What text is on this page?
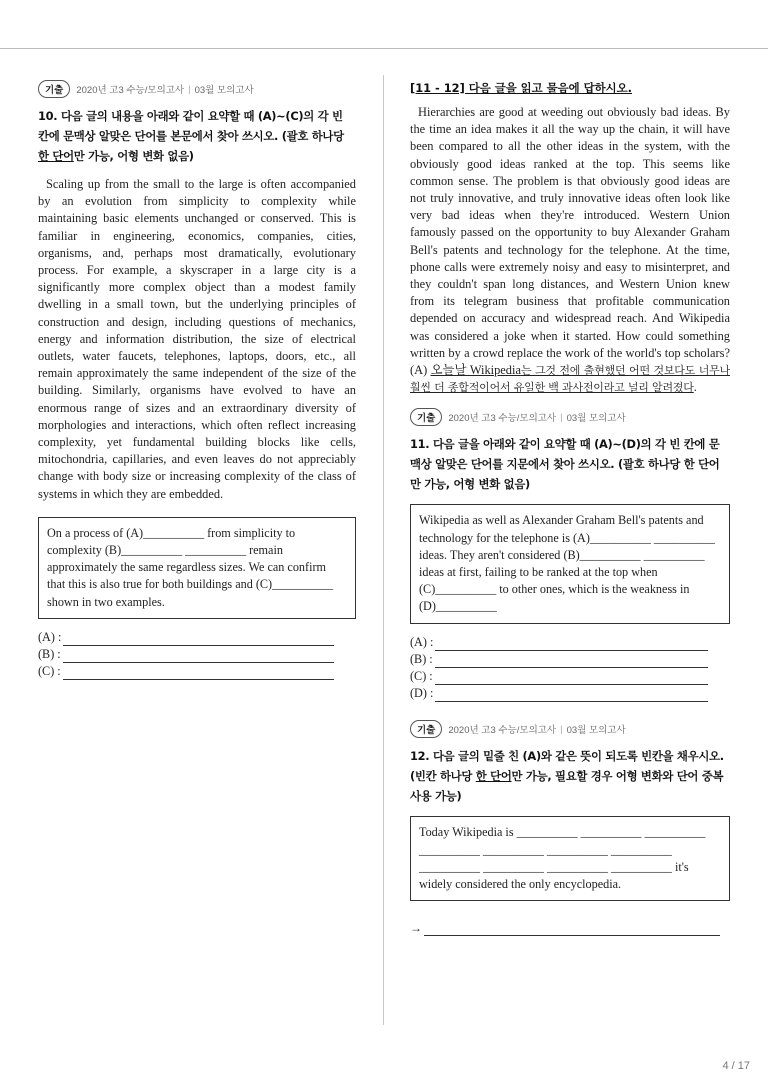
기출	2020년 고3 수능/모의고사 | 03월 모의고사

10. 다음 글의 내용을 아래와 같이 요약할 때 (A)~(C)의 각 빈 칸에 문맥상 알맞은 단어를 본문에서 찾아 쓰시오. (괄호 하나당 한 단어만 가능, 어형 변화 없음)

Scaling up from the small to the large is often accompanied by an evolution from simplicity to complexity while maintaining basic elements unchanged or conserved. This is familiar in engineering, economics, companies, cities, organisms, and, perhaps most dramatically, evolutionary process. For example, a skyscraper in a large city is a significantly more complex object than a modest family dwelling in a small town, but the underlying principles of construction and design, including questions of mechanics, energy and information distribution, the size of electrical outlets, water faucets, telephones, laptops, doors, etc., all remain approximately the same independent of the size of the building. Similarly, organisms have evolved to have an enormous range of sizes and an extraordinary diversity of morphologies and interactions, which often reflect increasing complexity, yet fundamental building blocks like cells, mitochondria, capillaries, and even leaves do not appreciably change with body size or increasing complexity of the class of systems in which they are embedded.

On a process of (A)__________ from simplicity to complexity (B)__________ __________ remain approximately the same regardless sizes. We can confirm that this is also true for both buildings and (C)__________ shown in two examples.
(A) :
(B) :
(C) :

[11 - 12] 다음 글을 읽고 물음에 답하시오.

Hierarchies are good at weeding out obviously bad ideas. By the time an idea makes it all the way up the chain, it will have been compared to all the other ideas in the system, with the obviously good ideas ranked at the top. This seems like common sense. The problem is that obviously good ideas are not truly innovative, and truly innovative ideas often look like very bad ideas when they're introduced. Western Union famously passed on the opportunity to buy Alexander Graham Bell's patents and technology for the telephone. At the time, phone calls were extremely noisy and easy to misinterpret, and they couldn't span long distances, and Western Union knew from its telegram business that profitable communication depended on accuracy and widespread reach. And Wikipedia was considered a joke when it started. How could something written by a crowd replace the work of the world's top scholars? (A) 오늘날 Wikipedia는 그것 전에 출현했던 어떤 것보다도 너무나 훨씬 더 종합적이어서 유일한 백 과사전이라고 널리 알려졌다.

기출	2020년 고3 수능/모의고사 | 03월 모의고사

11. 다음 글을 아래와 같이 요약할 때 (A)~(D)의 각 빈 칸에 문맥상 알맞은 단어를 지문에서 찾아 쓰시오. (괄호 하나당 한 단어만 가능, 어형 변화 없음)

Wikipedia as well as Alexander Graham Bell's patents and technology for the telephone is (A)__________ __________ ideas. They aren't considered (B)__________ __________ ideas at first, failing to be ranked at the top when (C)__________ to other ones, which is the weakness in (D)__________
(A) :
(B) :
(C) :
(D) :
기출	2020년 고3 수능/모의고사 | 03월 모의고사

12. 다음 글의 밑줄 친 (A)와 같은 뜻이 되도록 빈칸을 채우시오. (빈칸 하나당 한 단어만 가능, 필요할 경우 어형 변화와 단어 중복 사용 가능)

Today Wikipedia is __________ __________ __________ __________ __________ __________ __________ __________ __________ __________ __________ it's widely considered the only encyclopedia.
→
4 / 17
